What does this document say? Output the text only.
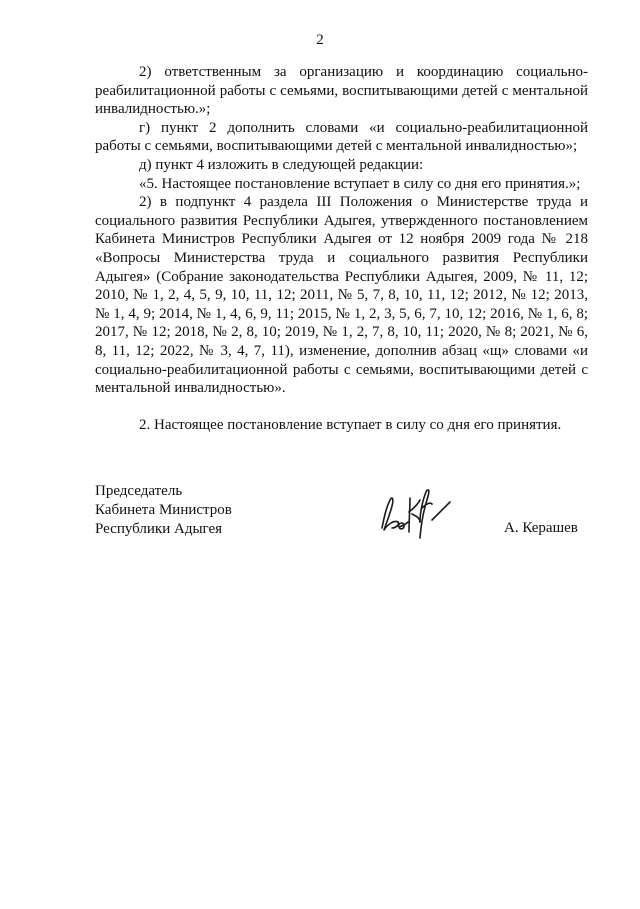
2

2) ответственным за организацию и координацию социально-реабилитационной работы с семьями, воспитывающими детей с ментальной инвалидностью.»;

г) пункт 2 дополнить словами «и социально-реабилитационной работы с семьями, воспитывающими детей с ментальной инвалидностью»;

д) пункт 4 изложить в следующей редакции:

«5. Настоящее постановление вступает в силу со дня его принятия.»;

2) в подпункт 4 раздела III Положения о Министерстве труда и социального развития Республики Адыгея, утвержденного постановлением Кабинета Министров Республики Адыгея от 12 ноября 2009 года № 218 «Вопросы Министерства труда и социального развития Республики Адыгея» (Собрание законодательства Республики Адыгея, 2009, № 11, 12; 2010, № 1, 2, 4, 5, 9, 10, 11, 12; 2011, № 5, 7, 8, 10, 11, 12; 2012, № 12; 2013, № 1, 4, 9; 2014, № 1, 4, 6, 9, 11; 2015, № 1, 2, 3, 5, 6, 7, 10, 12; 2016, № 1, 6, 8; 2017, № 12; 2018, № 2, 8, 10; 2019, № 1, 2, 7, 8, 10, 11; 2020, № 8; 2021, № 6, 8, 11, 12; 2022, № 3, 4, 7, 11), изменение, дополнив абзац «щ» словами «и социально-реабилитационной работы с семьями, воспитывающими детей с ментальной инвалидностью».

2. Настоящее постановление вступает в силу со дня его принятия.

Председатель
Кабинета Министров
Республики Адыгея	А. Керашев
